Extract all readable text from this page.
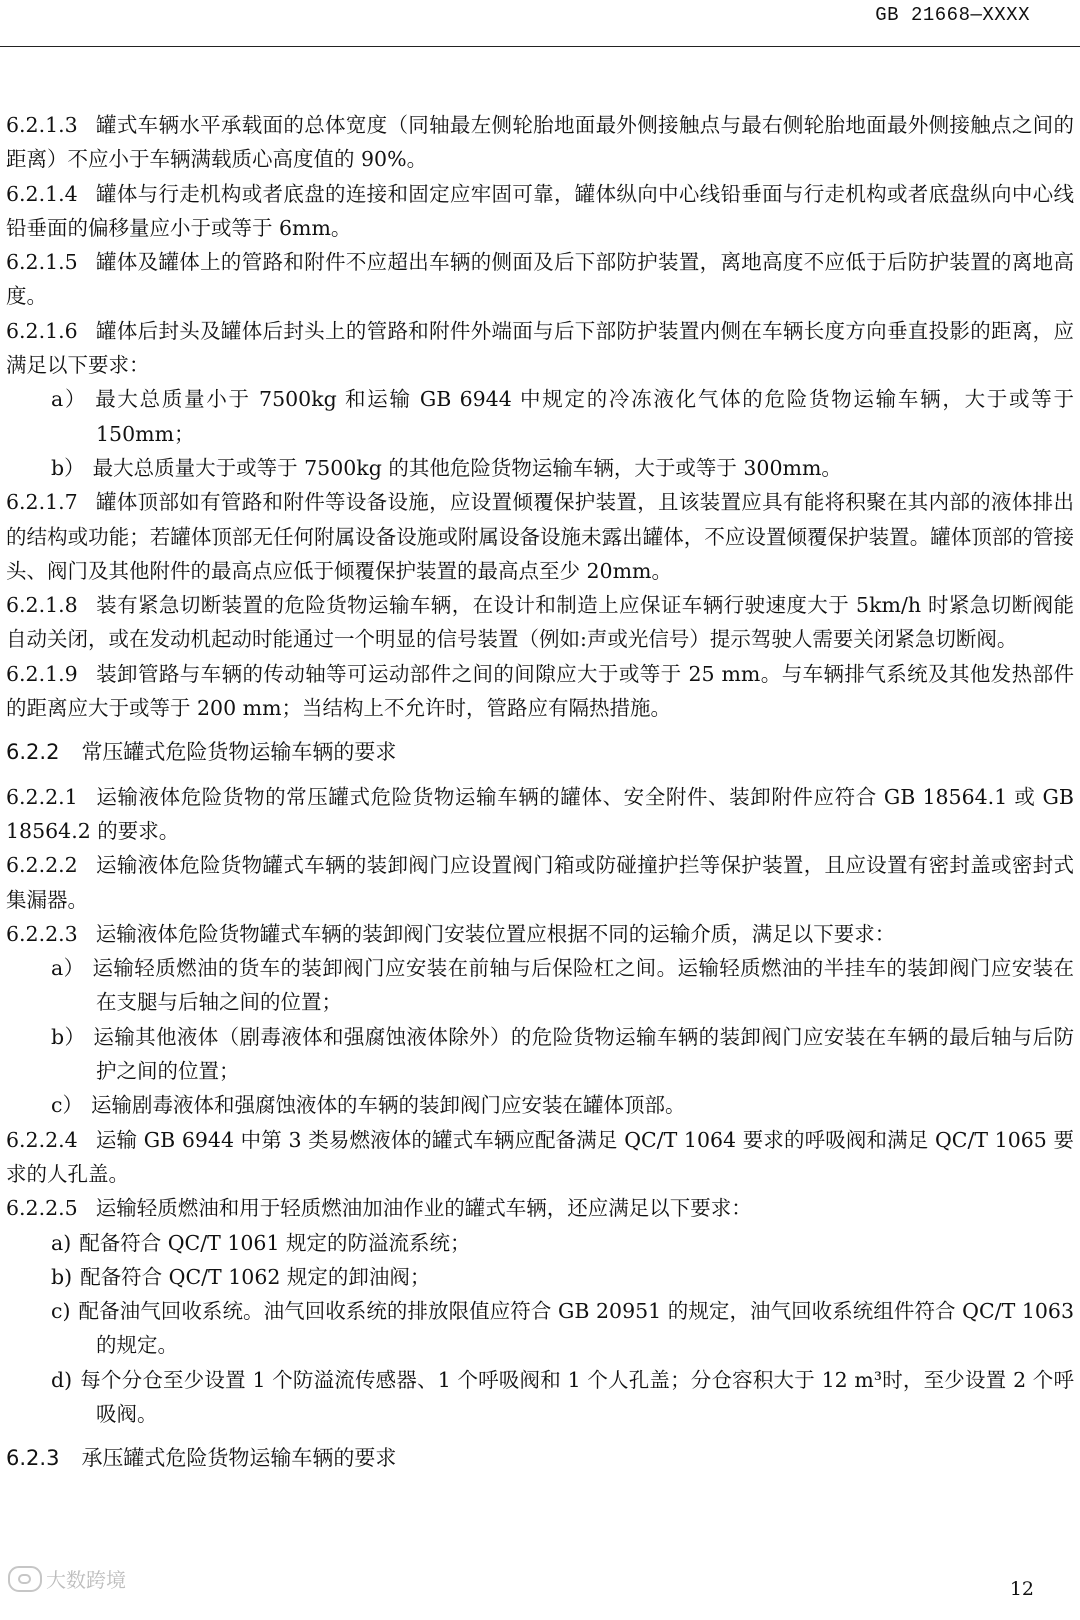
GB 21668—XXXX

6.2.1.3 罐式车辆水平承载面的总体宽度（同轴最左侧轮胎地面最外侧接触点与最右侧轮胎地面最外侧接触点之间的距离）不应小于车辆满载质心高度值的 90%。

6.2.1.4 罐体与行走机构或者底盘的连接和固定应牢固可靠，罐体纵向中心线铅垂面与行走机构或者底盘纵向中心线铅垂面的偏移量应小于或等于 6mm。

6.2.1.5 罐体及罐体上的管路和附件不应超出车辆的侧面及后下部防护装置，离地高度不应低于后防护装置的离地高度。

6.2.1.6 罐体后封头及罐体后封头上的管路和附件外端面与后下部防护装置内侧在车辆长度方向垂直投影的距离，应满足以下要求：

a） 最大总质量小于 7500kg 和运输 GB 6944 中规定的冷冻液化气体的危险货物运输车辆，大于或等于 150mm；

b） 最大总质量大于或等于 7500kg 的其他危险货物运输车辆，大于或等于 300mm。

6.2.1.7 罐体顶部如有管路和附件等设备设施，应设置倾覆保护装置，且该装置应具有能将积聚在其内部的液体排出的结构或功能；若罐体顶部无任何附属设备设施或附属设备设施未露出罐体，不应设置倾覆保护装置。罐体顶部的管接头、阀门及其他附件的最高点应低于倾覆保护装置的最高点至少 20mm。

6.2.1.8 装有紧急切断装置的危险货物运输车辆，在设计和制造上应保证车辆行驶速度大于 5km/h 时紧急切断阀能自动关闭，或在发动机起动时能通过一个明显的信号装置（例如:声或光信号）提示驾驶人需要关闭紧急切断阀。

6.2.1.9 装卸管路与车辆的传动轴等可运动部件之间的间隙应大于或等于 25 mm。与车辆排气系统及其他发热部件的距离应大于或等于 200 mm；当结构上不允许时，管路应有隔热措施。

6.2.2 常压罐式危险货物运输车辆的要求

6.2.2.1 运输液体危险货物的常压罐式危险货物运输车辆的罐体、安全附件、装卸附件应符合 GB 18564.1 或 GB 18564.2 的要求。

6.2.2.2 运输液体危险货物罐式车辆的装卸阀门应设置阀门箱或防碰撞护拦等保护装置，且应设置有密封盖或密封式集漏器。

6.2.2.3 运输液体危险货物罐式车辆的装卸阀门安装位置应根据不同的运输介质，满足以下要求：

a） 运输轻质燃油的货车的装卸阀门应安装在前轴与后保险杠之间。运输轻质燃油的半挂车的装卸阀门应安装在在支腿与后轴之间的位置；

b） 运输其他液体（剧毒液体和强腐蚀液体除外）的危险货物运输车辆的装卸阀门应安装在车辆的最后轴与后防护之间的位置；

c） 运输剧毒液体和强腐蚀液体的车辆的装卸阀门应安装在罐体顶部。

6.2.2.4 运输 GB 6944 中第 3 类易燃液体的罐式车辆应配备满足 QC/T 1064 要求的呼吸阀和满足 QC/T 1065 要求的人孔盖。

6.2.2.5 运输轻质燃油和用于轻质燃油加油作业的罐式车辆，还应满足以下要求：

a) 配备符合 QC/T 1061 规定的防溢流系统；

b) 配备符合 QC/T 1062 规定的卸油阀；

c) 配备油气回收系统。油气回收系统的排放限值应符合 GB 20951 的规定，油气回收系统组件符合 QC/T 1063 的规定。

d) 每个分仓至少设置 1 个防溢流传感器、1 个呼吸阀和 1 个人孔盖；分仓容积大于 12 m³时，至少设置 2 个呼吸阀。

6.2.3 承压罐式危险货物运输车辆的要求

大数跨境	12
